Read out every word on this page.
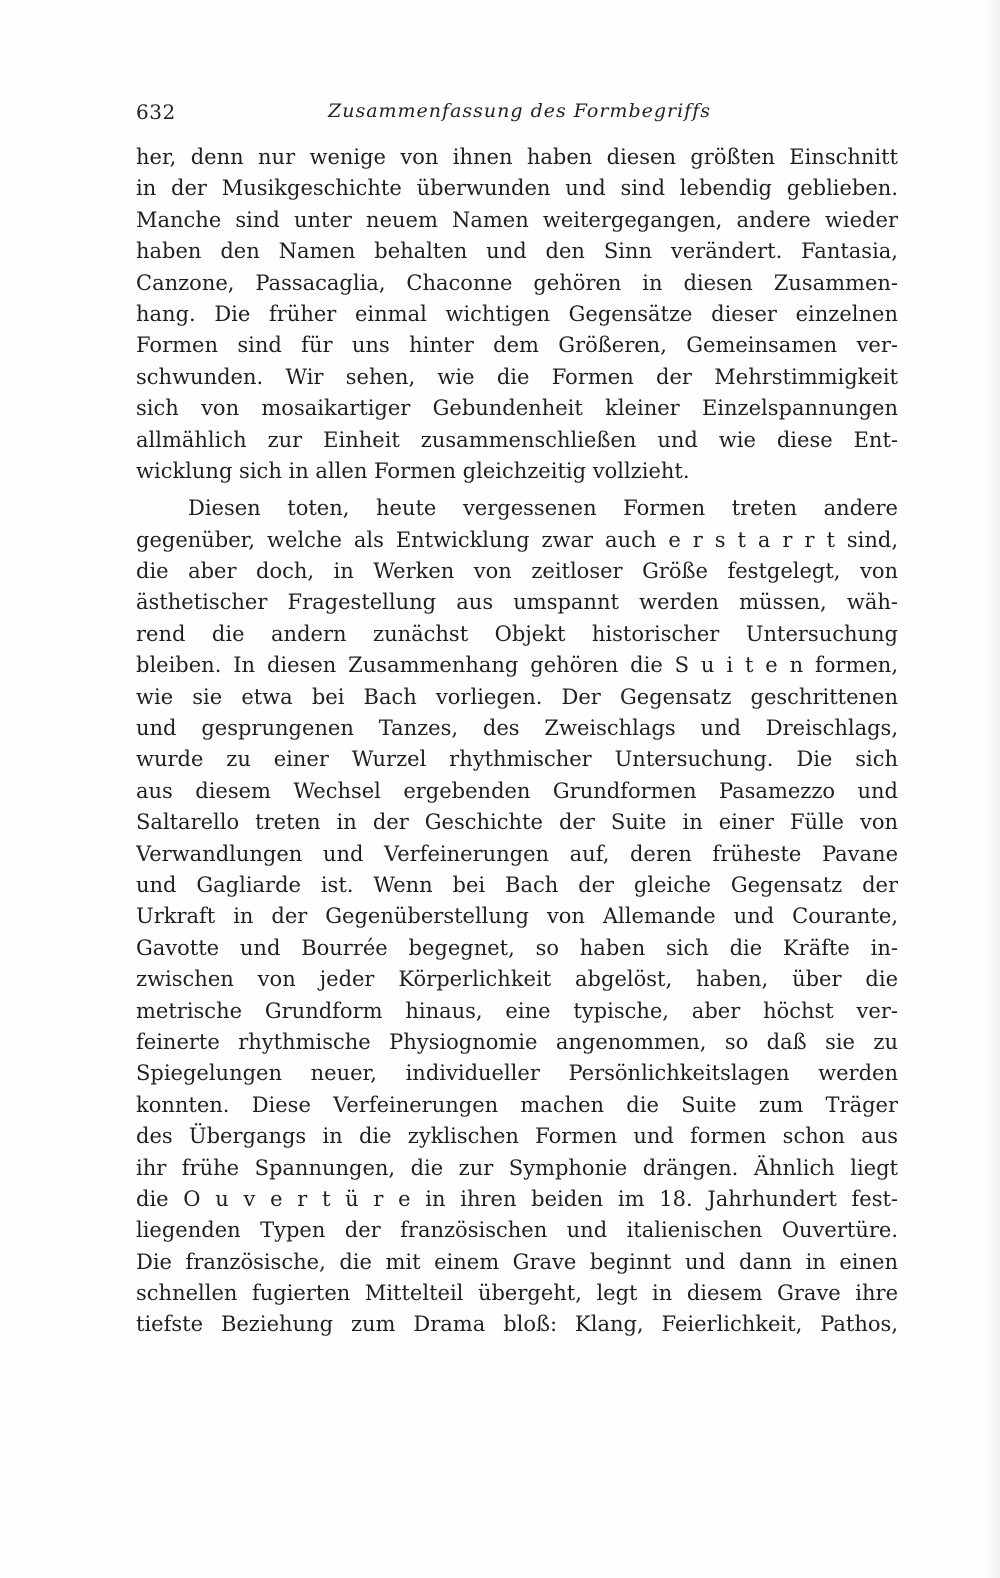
632	Zusammenfassung des Formbegriffs
her, denn nur wenige von ihnen haben diesen größten Einschnitt
in der Musikgeschichte überwunden und sind lebendig geblieben.
Manche sind unter neuem Namen weitergegangen, andere wieder
haben den Namen behalten und den Sinn verändert. Fantasia,
Canzone, Passacaglia, Chaconne gehören in diesen Zusammen-
hang. Die früher einmal wichtigen Gegensätze dieser einzelnen
Formen sind für uns hinter dem Größeren, Gemeinsamen ver-
schwunden. Wir sehen, wie die Formen der Mehrstimmigkeit
sich von mosaikartiger Gebundenheit kleiner Einzelspannungen
allmählich zur Einheit zusammenschließen und wie diese Ent-
wicklung sich in allen Formen gleichzeitig vollzieht.
Diesen toten, heute vergessenen Formen treten andere
gegenüber, welche als Entwicklung zwar auch e r s t a r r t sind,
die aber doch, in Werken von zeitloser Größe festgelegt, von
ästhetischer Fragestellung aus umspannt werden müssen, wäh-
rend die andern zunächst Objekt historischer Untersuchung
bleiben. In diesen Zusammenhang gehören die S u i t e n formen,
wie sie etwa bei Bach vorliegen. Der Gegensatz geschrittenen
und gesprungenen Tanzes, des Zweischlags und Dreischlags,
wurde zu einer Wurzel rhythmischer Untersuchung. Die sich
aus diesem Wechsel ergebenden Grundformen Pasamezzo und
Saltarello treten in der Geschichte der Suite in einer Fülle von
Verwandlungen und Verfeinerungen auf, deren früheste Pavane
und Gagliarde ist. Wenn bei Bach der gleiche Gegensatz der
Urkraft in der Gegenüberstellung von Allemande und Courante,
Gavotte und Bourrée begegnet, so haben sich die Kräfte in-
zwischen von jeder Körperlichkeit abgelöst, haben, über die
metrische Grundform hinaus, eine typische, aber höchst ver-
feinerte rhythmische Physiognomie angenommen, so daß sie zu
Spiegelungen neuer, individueller Persönlichkeitslagen werden
konnten. Diese Verfeinerungen machen die Suite zum Träger
des Übergangs in die zyklischen Formen und formen schon aus
ihr frühe Spannungen, die zur Symphonie drängen. Ähnlich liegt
die O u v e r t ü r e in ihren beiden im 18. Jahrhundert fest-
liegenden Typen der französischen und italienischen Ouvertüre.
Die französische, die mit einem Grave beginnt und dann in einen
schnellen fugierten Mittelteil übergeht, legt in diesem Grave ihre
tiefste Beziehung zum Drama bloß: Klang, Feierlichkeit, Pathos,
